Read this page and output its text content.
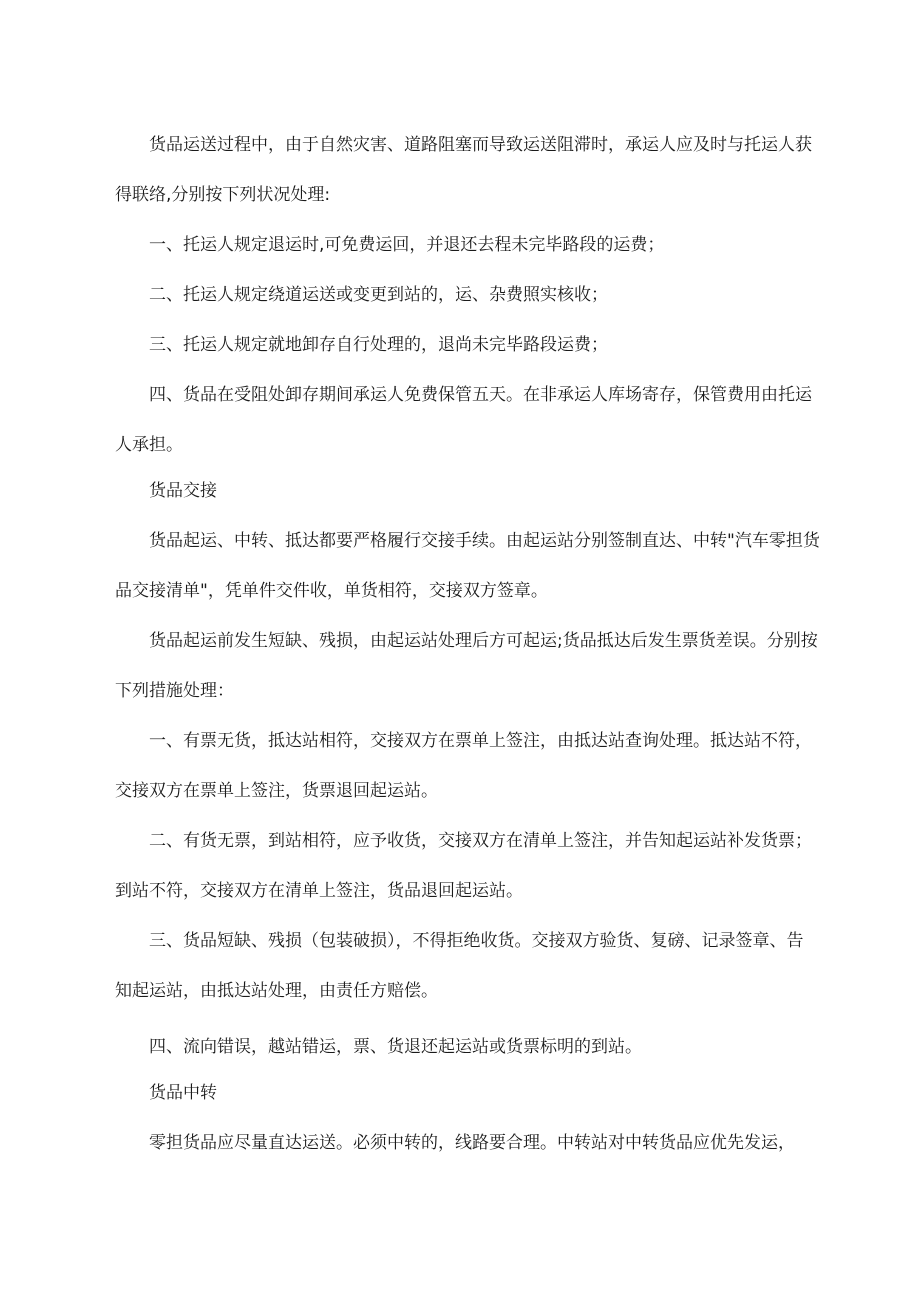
货品运送过程中，由于自然灾害、道路阻塞而导致运送阻滞时，承运人应及时与托运人获得联络,分别按下列状况处理:

一、托运人规定退运时,可免费运回，并退还去程未完毕路段的运费；

二、托运人规定绕道运送或变更到站的，运、杂费照实核收；

三、托运人规定就地卸存自行处理的，退尚未完毕路段运费；

四、货品在受阻处卸存期间承运人免费保管五天。在非承运人库场寄存，保管费用由托运人承担。

货品交接

货品起运、中转、抵达都要严格履行交接手续。由起运站分别签制直达、中转"汽车零担货品交接清单"，凭单件交件收，单货相符，交接双方签章。

货品起运前发生短缺、残损，由起运站处理后方可起运;货品抵达后发生票货差误。分别按下列措施处理：

一、有票无货，抵达站相符，交接双方在票单上签注，由抵达站查询处理。抵达站不符，交接双方在票单上签注，货票退回起运站。

二、有货无票，到站相符，应予收货，交接双方在清单上签注，并告知起运站补发货票；到站不符，交接双方在清单上签注，货品退回起运站。

三、货品短缺、残损（包装破损），不得拒绝收货。交接双方验货、复磅、记录签章、告知起运站，由抵达站处理，由责任方赔偿。

四、流向错误，越站错运，票、货退还起运站或货票标明的到站。

货品中转

零担货品应尽量直达运送。必须中转的，线路要合理。中转站对中转货品应优先发运，
